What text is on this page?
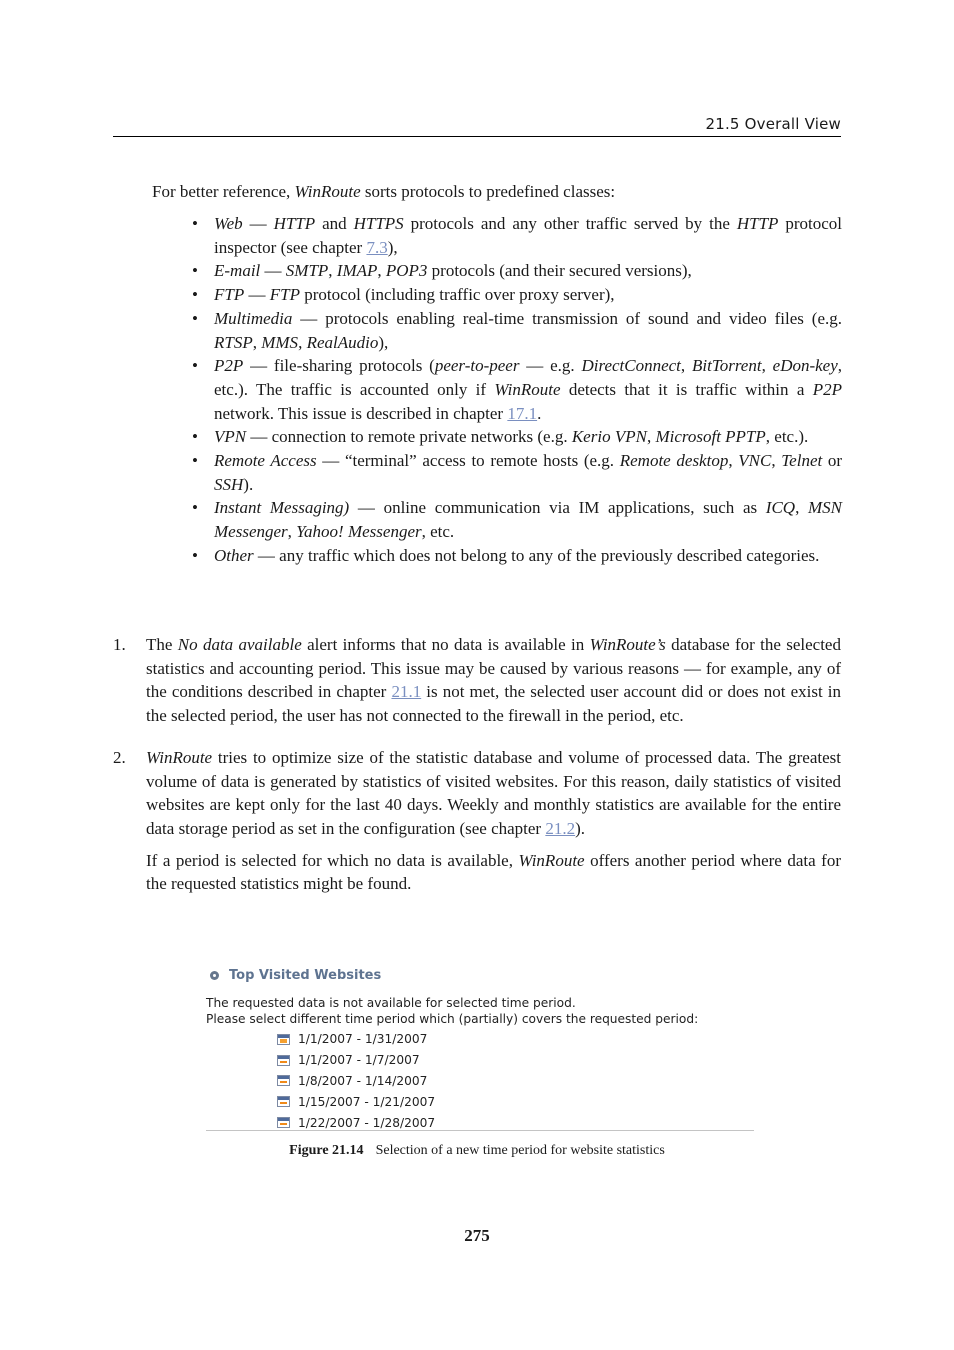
21.5 Overall View
For better reference, WinRoute sorts protocols to predefined classes:
• Web — HTTP and HTTPS protocols and any other traffic served by the HTTP protocol inspector (see chapter 7.3),
• E-mail — SMTP, IMAP, POP3 protocols (and their secured versions),
• FTP — FTP protocol (including traffic over proxy server),
• Multimedia — protocols enabling real-time transmission of sound and video files (e.g. RTSP, MMS, RealAudio),
• P2P — file-sharing protocols (peer-to-peer — e.g. DirectConnect, BitTorrent, eDon-key, etc.). The traffic is accounted only if WinRoute detects that it is traffic within a P2P network. This issue is described in chapter 17.1.
• VPN — connection to remote private networks (e.g. Kerio VPN, Microsoft PPTP, etc.).
• Remote Access — “terminal” access to remote hosts (e.g. Remote desktop, VNC, Telnet or SSH).
• Instant Messaging) — online communication via IM applications, such as ICQ, MSN Messenger, Yahoo! Messenger, etc.
• Other — any traffic which does not belong to any of the previously described categories.
1. The No data available alert informs that no data is available in WinRoute’s database for the selected statistics and accounting period. This issue may be caused by various reasons — for example, any of the conditions described in chapter 21.1 is not met, the selected user account did or does not exist in the selected period, the user has not connected to the firewall in the period, etc.

2. WinRoute tries to optimize size of the statistic database and volume of processed data. The greatest volume of data is generated by statistics of visited websites. For this reason, daily statistics of visited websites are kept only for the last 40 days. Weekly and monthly statistics are available for the entire data storage period as set in the configuration (see chapter 21.2).

If a period is selected for which no data is available, WinRoute offers another period where data for the requested statistics might be found.

Top Visited Websites
The requested data is not available for selected time period.
Please select different time period which (partially) covers the requested period:
1/1/2007 - 1/31/2007
1/1/2007 - 1/7/2007
1/8/2007 - 1/14/2007
1/15/2007 - 1/21/2007
1/22/2007 - 1/28/2007
Figure 21.14 Selection of a new time period for website statistics
275
